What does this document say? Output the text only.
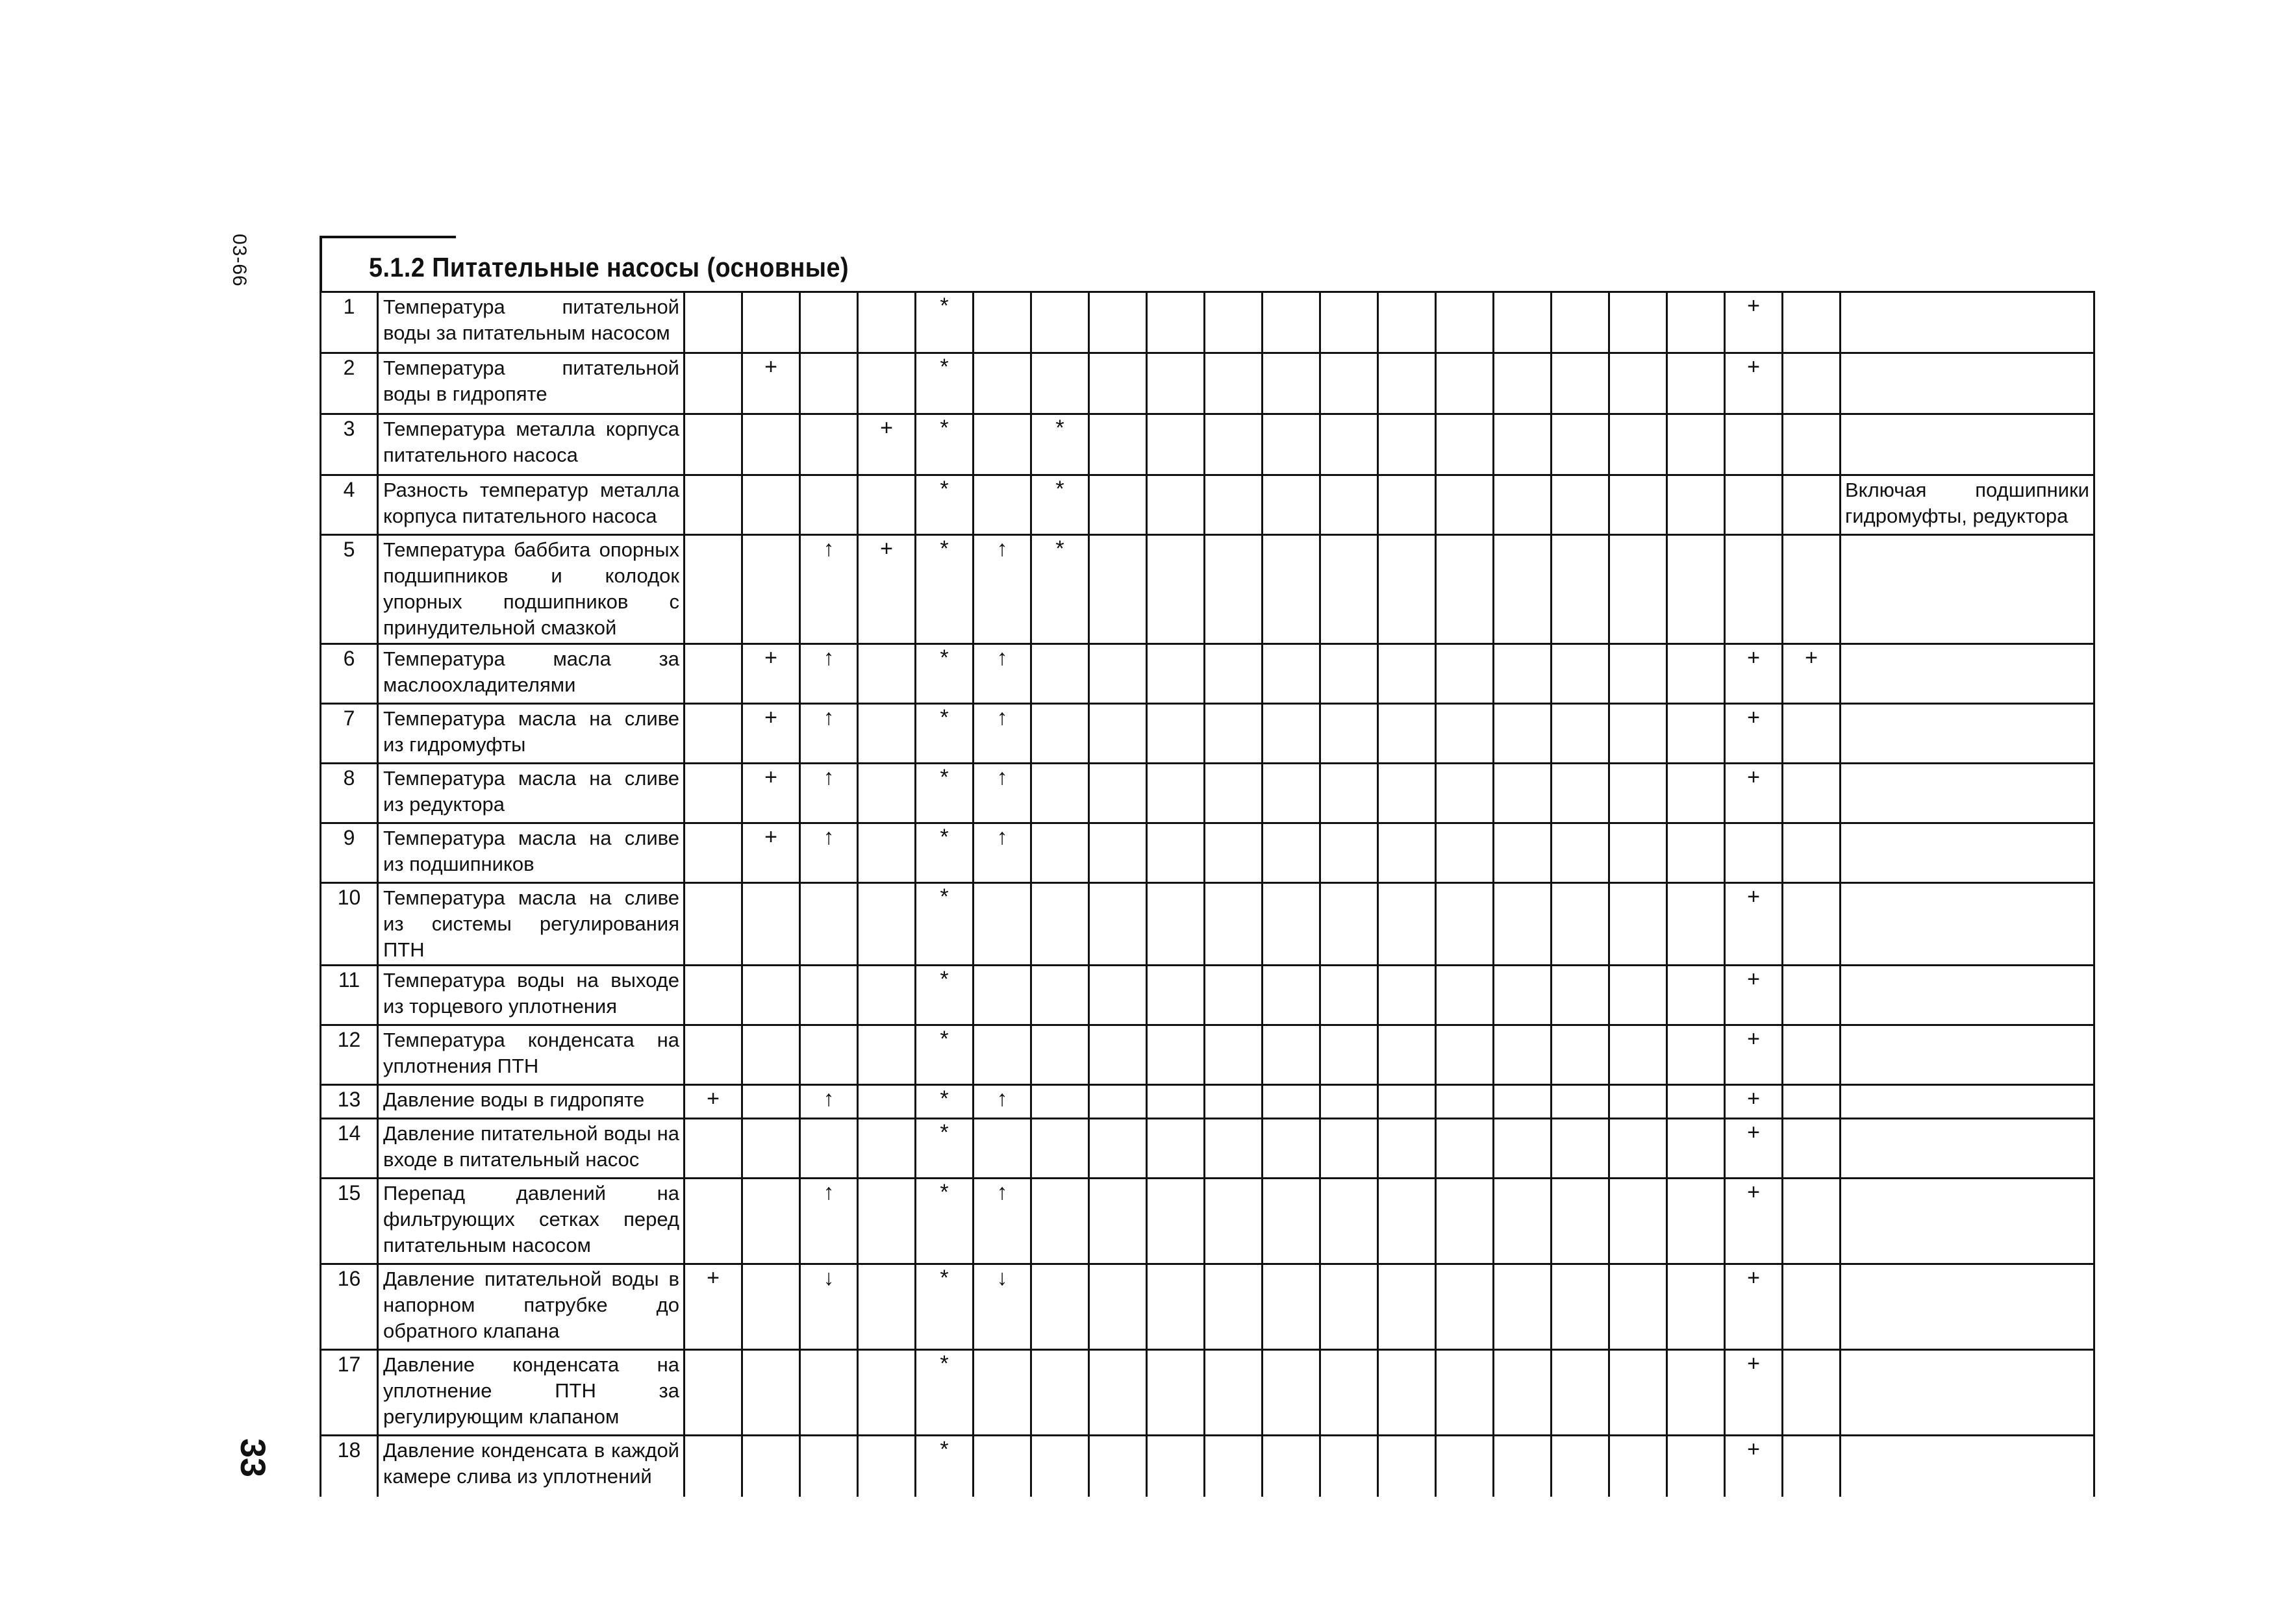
03-66
33
5.1.2 Питательные насосы (основные)
1	Температура питательной воды за питательным насосом					*														+		
2	Температура питательной воды в гидропяте		+			*														+		
3	Температура металла корпуса питательного насоса				+	*		*														
4	Разность температур металла корпуса питательного насоса					*		*														Включая подшипники гидромуфты, редуктора
5	Температура баббита опорных подшипников и колодок упорных подшипников с принудительной смазкой			↑	+	*	↑	*														
6	Температура масла за маслоохладителями		+	↑		*	↑													+	+	
7	Температура масла на сливе из гидромуфты		+	↑		*	↑													+		
8	Температура масла на сливе из редуктора		+	↑		*	↑													+		
9	Температура масла на сливе из подшипников		+	↑		*	↑															
10	Температура масла на сливе из системы регулирования ПТН					*														+		
11	Температура воды на выходе из торцевого уплотнения					*														+		
12	Температура конденсата на уплотнения ПТН					*														+		
13	Давление воды в гидропяте	+		↑		*	↑													+		
14	Давление питательной воды на входе в питательный насос					*														+		
15	Перепад давлений на фильтрующих сетках перед питательным насосом			↑		*	↑													+		
16	Давление питательной воды в напорном патрубке до обратного клапана	+		↓		*	↓													+		
17	Давление конденсата на уплотнение ПТН за регулирующим клапаном					*														+		
18	Давление конденсата в каждой камере слива из уплотнений					*														+		
